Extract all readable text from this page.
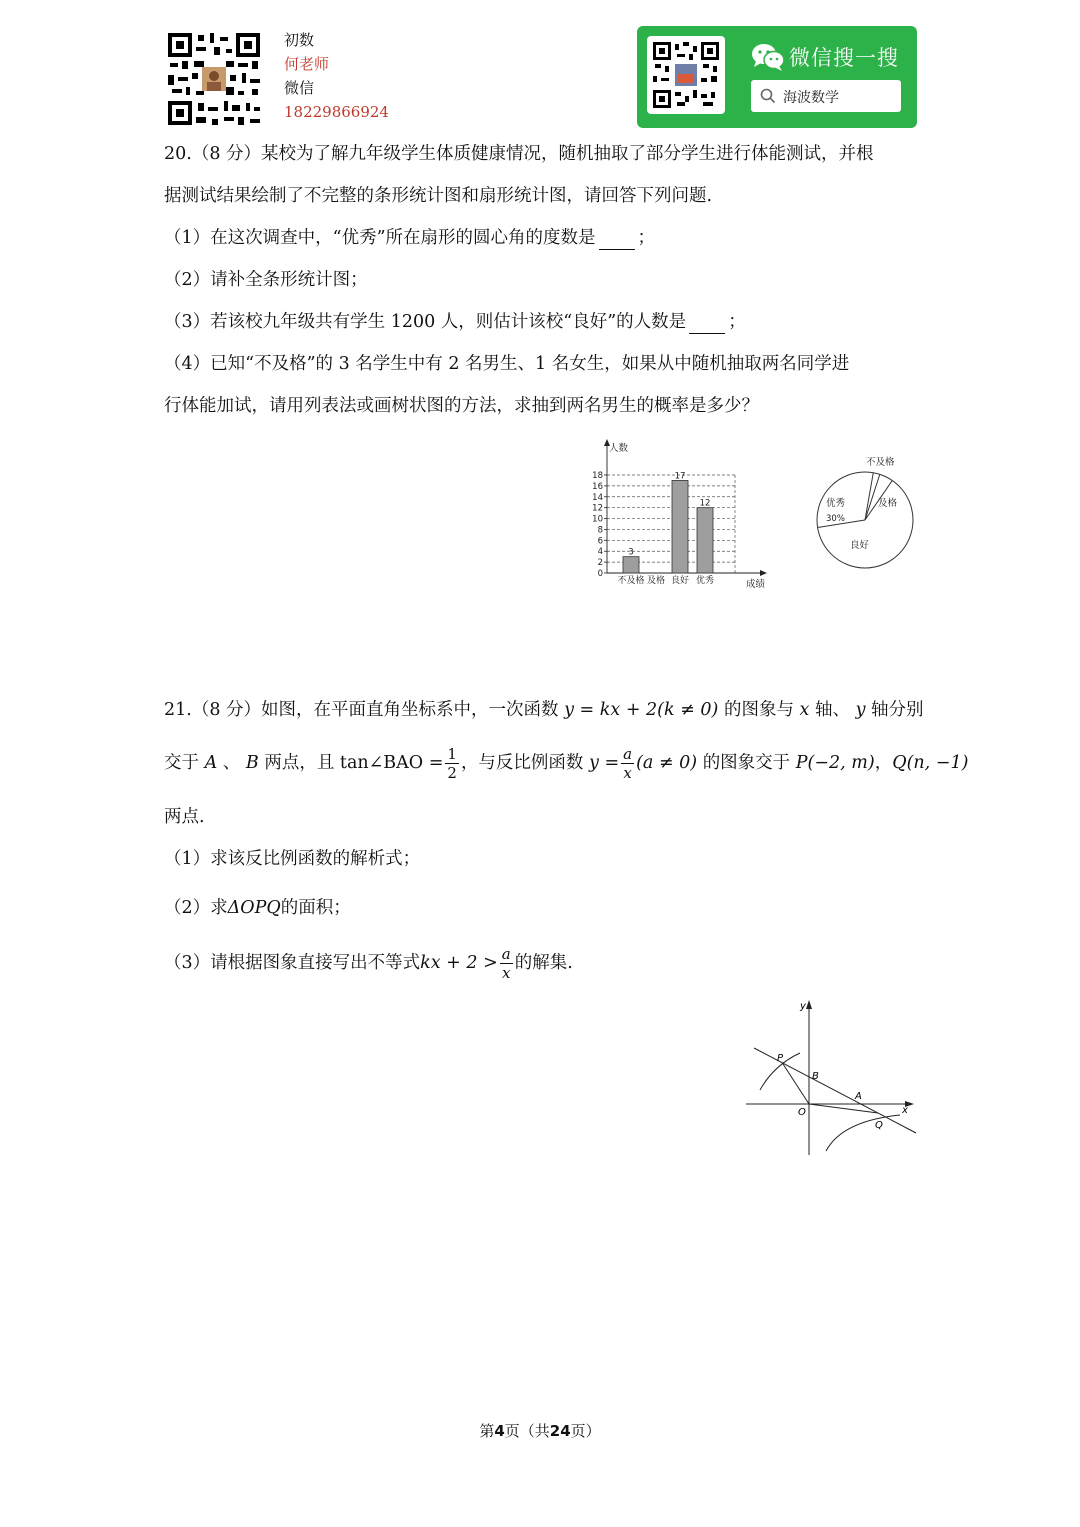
初数
何老师
微信
18229866924
微信搜一搜
海波数学
20.（8 分）某校为了解九年级学生体质健康情况，随机抽取了部分学生进行体能测试，并根
据测试结果绘制了不完整的条形统计图和扇形统计图，请回答下列问题.
（1）在这次调查中，“优秀”所在扇形的圆心角的度数是 ；
（2）请补全条形统计图；
（3）若该校九年级共有学生 1200 人，则估计该校“良好”的人数是 ；
（4）已知“不及格”的 3 名学生中有 2 名男生、1 名女生，如果从中随机抽取两名同学进
行体能加试，请用列表法或画树状图的方法，求抽到两名男生的概率是多少？
0
2
4
6
8
10
12
14
16
18
人数
成绩
不及格
3
及格 良好
17
优秀
12
不及格
及格
优秀
30%
良好
21.（8 分）如图，在平面直角坐标系中，一次函数 y = kx + 2(k ≠ 0) 的图象与 x 轴、 y 轴分别
交于 A 、 B 两点，且 tan∠BAO = $\frac{1}{2}$ ，与反比例函数 $y = \frac{a}{x} (a \ne 0)$ 的图象交于 P(−2, m)，Q(n, −1)
两点.
（1）求该反比例函数的解析式；
（2）求ΔOPQ的面积；
（3）请根据图象直接写出不等式kx + $2 > \frac{a}{x}$ 的解集.
y
x
O
P
B
A
Q
第4页（共24页）
